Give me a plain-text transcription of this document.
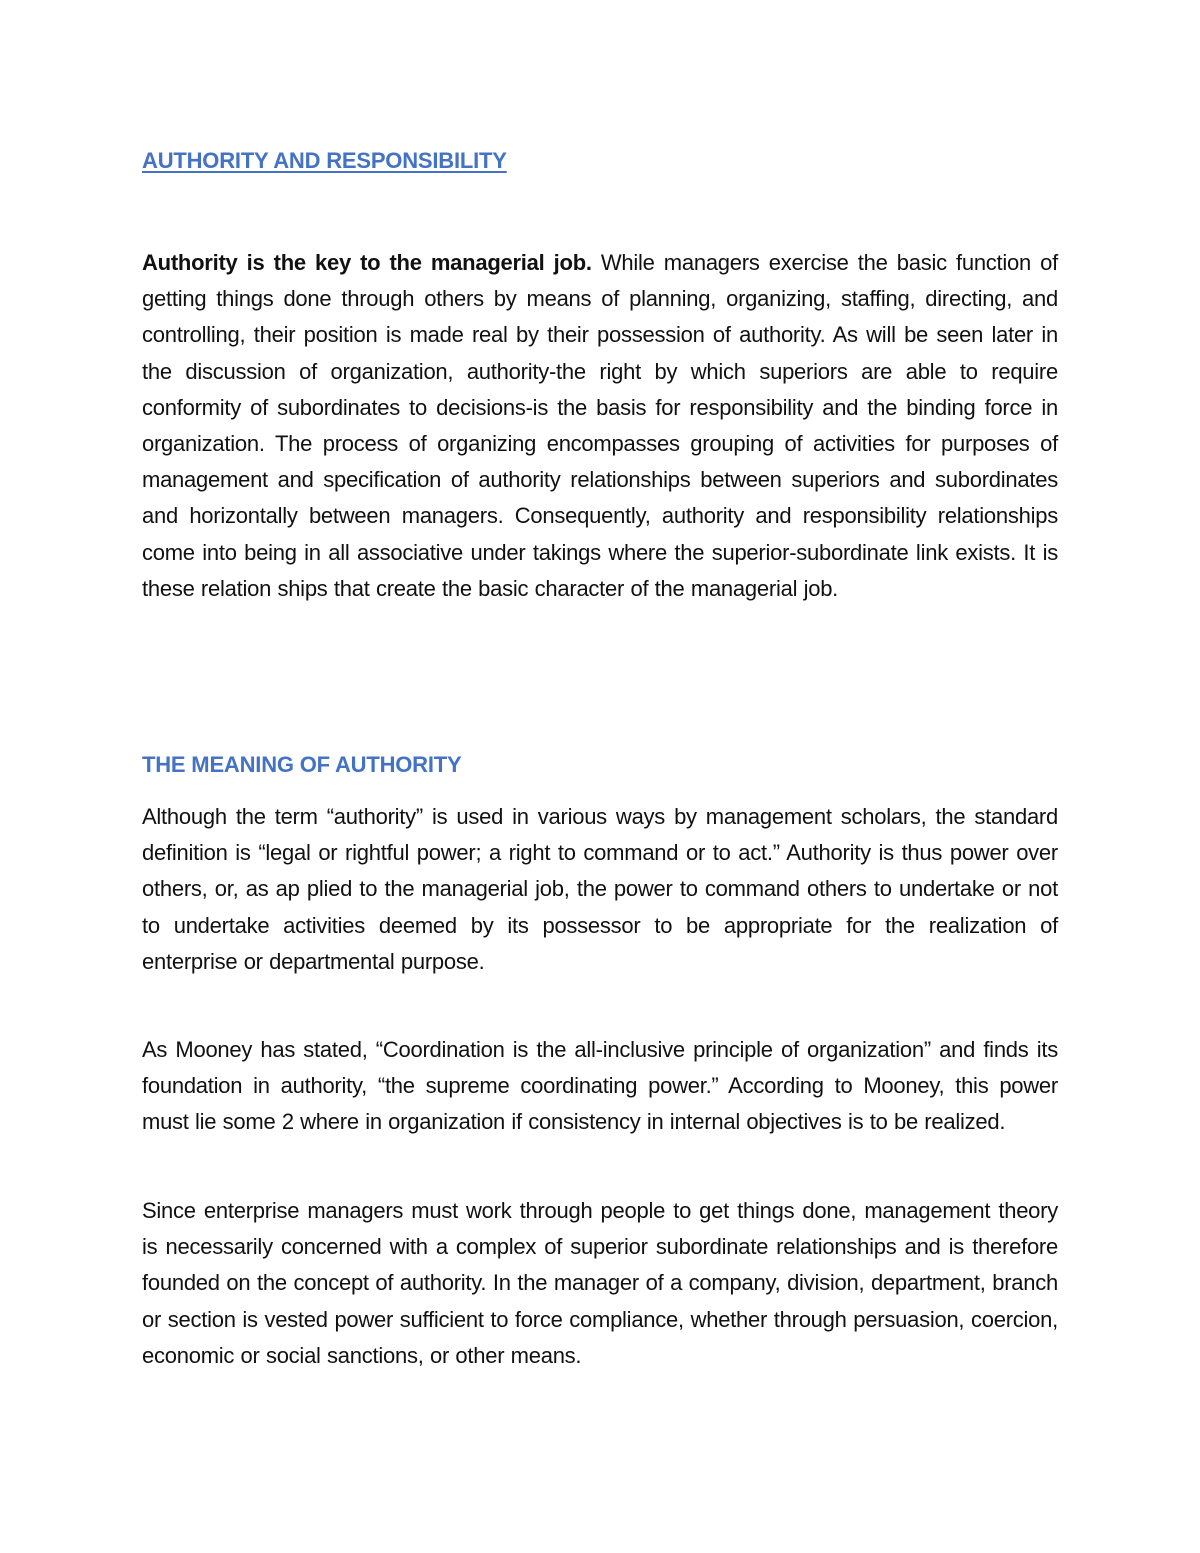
AUTHORITY AND RESPONSIBILITY

Authority is the key to the managerial job. While managers exercise the basic function of getting things done through others by means of planning, organizing, staffing, directing, and controlling, their position is made real by their possession of authority. As will be seen later in the discussion of organization, authority-the right by which superiors are able to require conformity of subordinates to decisions-is the basis for responsibility and the binding force in organization. The process of organizing encompasses grouping of activities for purposes of management and specification of authority relationships between superiors and subordinates and horizontally between managers. Consequently, authority and responsibility relationships come into being in all associative under takings where the superior-subordinate link exists. It is these relation ships that create the basic character of the managerial job.

THE MEANING OF AUTHORITY

Although the term “authority” is used in various ways by management scholars, the standard definition is “legal or rightful power; a right to command or to act.” Authority is thus power over others, or, as ap plied to the managerial job, the power to command others to undertake or not to undertake activities deemed by its possessor to be appropriate for the realization of enterprise or departmental purpose.

As Mooney has stated, “Coordination is the all-inclusive principle of organization” and finds its foundation in authority, “the supreme coordinating power.” According to Mooney, this power must lie some 2 where in organization if consistency in internal objectives is to be realized.

Since enterprise managers must work through people to get things done, management theory is necessarily concerned with a complex of superior subordinate relationships and is therefore founded on the concept of authority. In the manager of a company, division, department, branch or section is vested power sufficient to force compliance, whether through persuasion, coercion, economic or social sanctions, or other means.
